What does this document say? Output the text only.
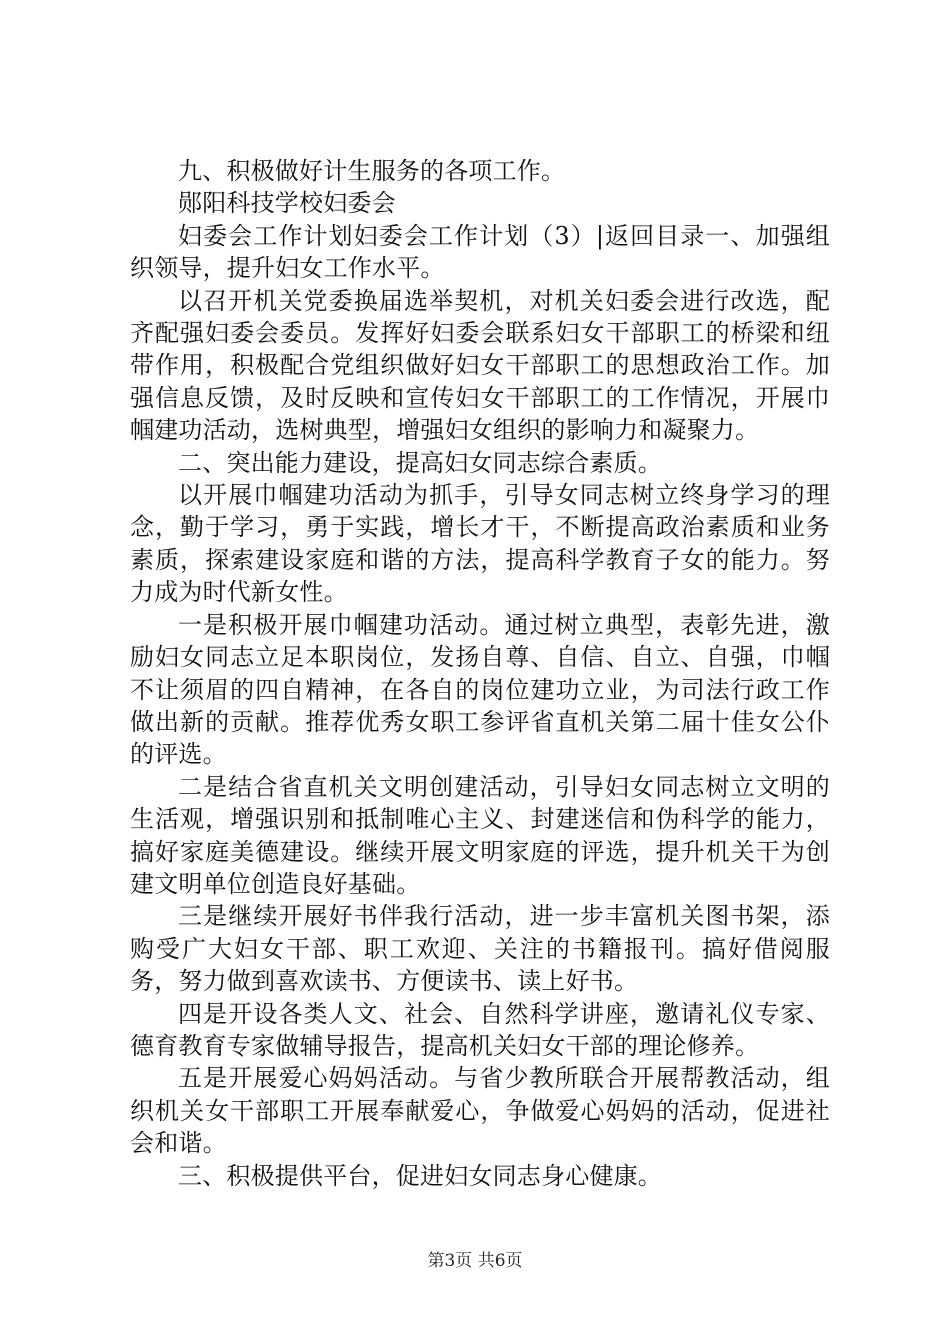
九、积极做好计生服务的各项工作。

郧阳科技学校妇委会

妇委会工作计划妇委会工作计划（3）|返回目录一、加强组织领导，提升妇女工作水平。

以召开机关党委换届选举契机，对机关妇委会进行改选，配齐配强妇委会委员。发挥好妇委会联系妇女干部职工的桥梁和纽带作用，积极配合党组织做好妇女干部职工的思想政治工作。加强信息反馈，及时反映和宣传妇女干部职工的工作情况，开展巾帼建功活动，选树典型，增强妇女组织的影响力和凝聚力。

二、突出能力建设，提高妇女同志综合素质。

以开展巾帼建功活动为抓手，引导女同志树立终身学习的理念，勤于学习，勇于实践，增长才干，不断提高政治素质和业务素质，探索建设家庭和谐的方法，提高科学教育子女的能力。努力成为时代新女性。

一是积极开展巾帼建功活动。通过树立典型，表彰先进，激励妇女同志立足本职岗位，发扬自尊、自信、自立、自强，巾帼不让须眉的四自精神，在各自的岗位建功立业，为司法行政工作做出新的贡献。推荐优秀女职工参评省直机关第二届十佳女公仆的评选。

二是结合省直机关文明创建活动，引导妇女同志树立文明的生活观，增强识别和抵制唯心主义、封建迷信和伪科学的能力，搞好家庭美德建设。继续开展文明家庭的评选，提升机关干为创建文明单位创造良好基础。

三是继续开展好书伴我行活动，进一步丰富机关图书架，添购受广大妇女干部、职工欢迎、关注的书籍报刊。搞好借阅服务，努力做到喜欢读书、方便读书、读上好书。

四是开设各类人文、社会、自然科学讲座，邀请礼仪专家、德育教育专家做辅导报告，提高机关妇女干部的理论修养。

五是开展爱心妈妈活动。与省少教所联合开展帮教活动，组织机关女干部职工开展奉献爱心，争做爱心妈妈的活动，促进社会和谐。

三、积极提供平台，促进妇女同志身心健康。

第3页 共6页
